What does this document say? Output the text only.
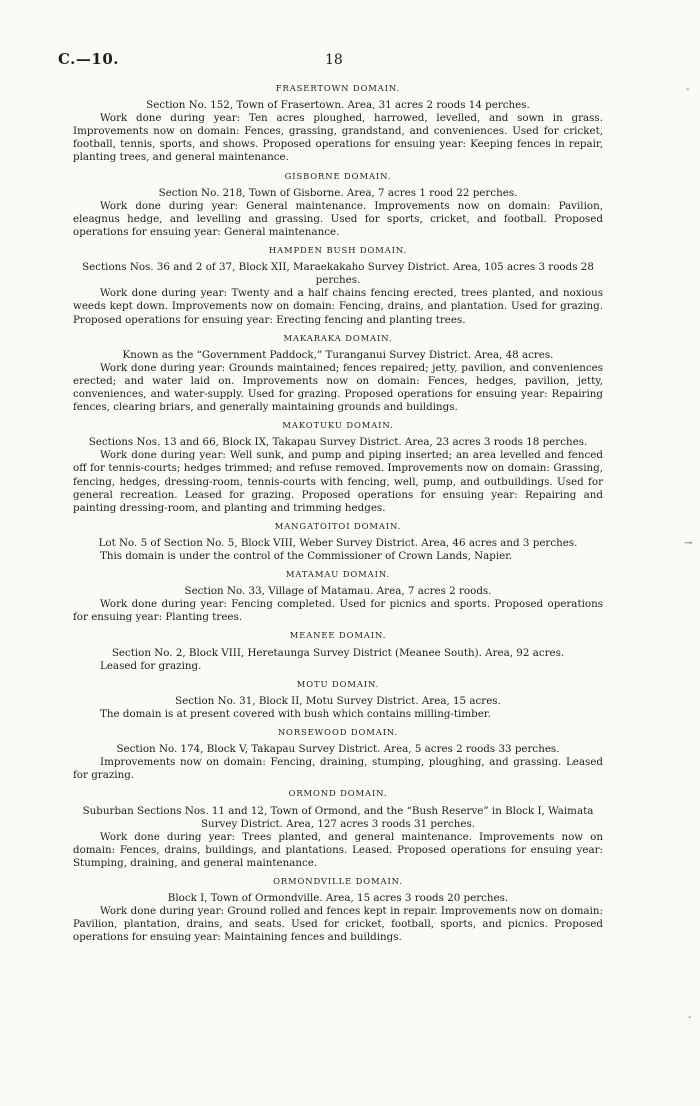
C.—10.	18
FRASERTOWN DOMAIN.

Section No. 152, Town of Frasertown. Area, 31 acres 2 roods 14 perches.

Work done during year: Ten acres ploughed, harrowed, levelled, and sown in grass. Improvements now on domain: Fences, grassing, grandstand, and conveniences. Used for cricket, football, tennis, sports, and shows. Proposed operations for ensuing year: Keeping fences in repair, planting trees, and general maintenance.

GISBORNE DOMAIN.

Section No. 218, Town of Gisborne. Area, 7 acres 1 rood 22 perches.

Work done during year: General maintenance. Improvements now on domain: Pavilion, eleagnus hedge, and levelling and grassing. Used for sports, cricket, and football. Proposed operations for ensuing year: General maintenance.

HAMPDEN BUSH DOMAIN.

Sections Nos. 36 and 2 of 37, Block XII, Maraekakaho Survey District. Area, 105 acres 3 roods 28 perches.

Work done during year: Twenty and a half chains fencing erected, trees planted, and noxious weeds kept down. Improvements now on domain: Fencing, drains, and plantation. Used for grazing. Proposed operations for ensuing year: Erecting fencing and planting trees.

MAKARAKA DOMAIN.

Known as the “Government Paddock,” Turanganui Survey District. Area, 48 acres.

Work done during year: Grounds maintained; fences repaired; jetty, pavilion, and conveniences erected; and water laid on. Improvements now on domain: Fences, hedges, pavilion, jetty, conveniences, and water-supply. Used for grazing. Proposed operations for ensuing year: Repairing fences, clearing briars, and generally maintaining grounds and buildings.

MAKOTUKU DOMAIN.

Sections Nos. 13 and 66, Block IX, Takapau Survey District. Area, 23 acres 3 roods 18 perches.

Work done during year: Well sunk, and pump and piping inserted; an area levelled and fenced off for tennis-courts; hedges trimmed; and refuse removed. Improvements now on domain: Grassing, fencing, hedges, dressing-room, tennis-courts with fencing, well, pump, and outbuildings. Used for general recreation. Leased for grazing. Proposed operations for ensuing year: Repairing and painting dressing-room, and planting and trimming hedges.

MANGATOITOI DOMAIN.

Lot No. 5 of Section No. 5, Block VIII, Weber Survey District. Area, 46 acres and 3 perches.

This domain is under the control of the Commissioner of Crown Lands, Napier.

MATAMAU DOMAIN.

Section No. 33, Village of Matamau. Area, 7 acres 2 roods.

Work done during year: Fencing completed. Used for picnics and sports. Proposed operations for ensuing year: Planting trees.

MEANEE DOMAIN.

Section No. 2, Block VIII, Heretaunga Survey District (Meanee South). Area, 92 acres.

Leased for grazing.

MOTU DOMAIN.

Section No. 31, Block II, Motu Survey District. Area, 15 acres.

The domain is at present covered with bush which contains milling-timber.

NORSEWOOD DOMAIN.

Section No. 174, Block V, Takapau Survey District. Area, 5 acres 2 roods 33 perches.

Improvements now on domain: Fencing, draining, stumping, ploughing, and grassing. Leased for grazing.

ORMOND DOMAIN.

Suburban Sections Nos. 11 and 12, Town of Ormond, and the “Bush Reserve” in Block I, Waimata Survey District. Area, 127 acres 3 roods 31 perches.

Work done during year: Trees planted, and general maintenance. Improvements now on domain: Fences, drains, buildings, and plantations. Leased. Proposed operations for ensuing year: Stumping, draining, and general maintenance.

ORMONDVILLE DOMAIN.

Block I, Town of Ormondville. Area, 15 acres 3 roods 20 perches.

Work done during year: Ground rolled and fences kept in repair. Improvements now on domain: Pavilion, plantation, drains, and seats. Used for cricket, football, sports, and picnics. Proposed operations for ensuing year: Maintaining fences and buildings.

-
→
-
